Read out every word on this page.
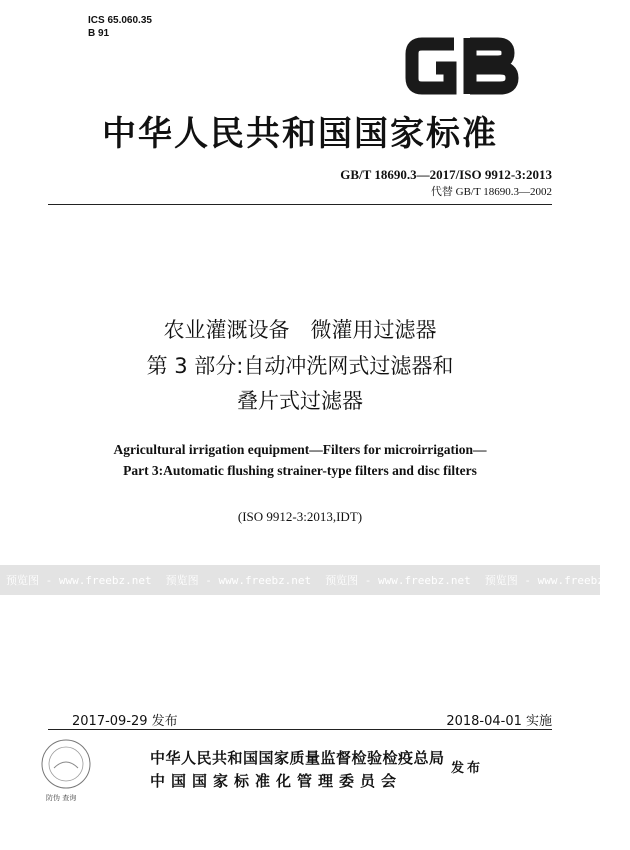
ICS 65.060.35
B 91
GB
中华人民共和国国家标准
GB/T 18690.3—2017/ISO 9912-3:2013
代替 GB/T 18690.3—2002
农业灌溉设备　微灌用过滤器
第 3 部分:自动冲洗网式过滤器和
叠片式过滤器
Agricultural irrigation equipment—Filters for microirrigation—
Part 3:Automatic flushing strainer-type filters and disc filters
(ISO 9912-3:2013,IDT)
预览图 - www.freebz.net 预览图 - www.freebz.net 预览图 - www.freebz.net 预览图 - www.freebz.net
2017-09-29 发布	2018-04-01 实施
防伪 查询
中华人民共和国国家质量监督检验检疫总局
中国国家标准化管理委员会
发布
